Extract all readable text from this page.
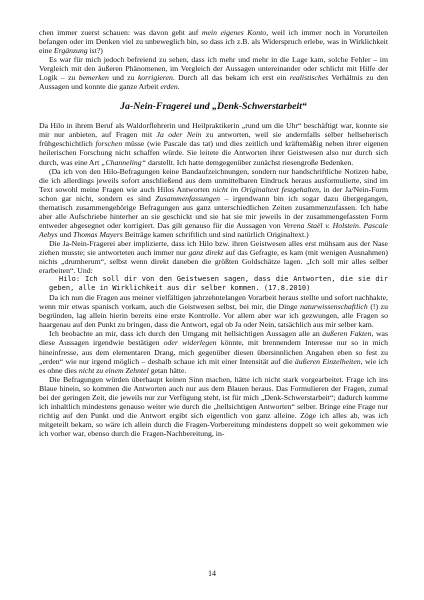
chen immer zuerst schauen: was davon geht auf mein eigenes Konto, weil ich immer noch in Vorurteilen befangen oder im Denken viel zu unbeweglich bin, so dass ich z.B. als Widerspruch erlebe, was in Wirklichkeit eine Ergänzung ist?)

Es war für mich jedoch befreiend zu sehen, dass ich mehr und mehr in die Lage kam, solche Fehler – im Vergleich mit den äußeren Phänomenen, im Vergleich der Aussagen untereinander oder schlicht mit Hilfe der Logik – zu bemerken und zu korrigieren. Durch all das bekam ich erst ein realistisches Verhältnis zu den Aussagen und konnte die ganze Arbeit erden.

Ja-Nein-Fragerei und „Denk-Schwerstarbeit“

Da Hilo in ihrem Beruf als Waldorflehrerin und Heilpraktikerin „rund um die Uhr“ beschäftigt war, konnte sie mir nur anbieten, auf Fragen mit Ja oder Nein zu antworten, weil sie andernfalls selber hellseherisch frühgeschichtlich forschen müsse (wie Pascale das tat) und dies zeitlich und kräftemäßig neben ihrer eigenen heilerischen Forschung nicht schaffen würde. Sie leitete die Antworten ihrer Geistwesen also nur durch sich durch, was eine Art „Channeling“ darstellt. Ich hatte demgegenüber zunächst riesengroße Bedenken.

(Da ich von den Hilo-Befragungen keine Bandaufzeichnungen, sondern nur handschriftliche Notizen habe, die ich allerdings jeweils sofort anschließend aus dem unmittelbaren Eindruck heraus ausformulierte, sind im Text sowohl meine Fragen wie auch Hilos Antworten nicht im Originaltext festgehalten, in der Ja/Nein-Form schon gar nicht, sondern es sind Zusammenfassungen – irgendwann bin ich sogar dazu übergegangen, thematisch zusammengehörige Befragungen aus ganz unterschiedlichen Zeiten zusammenzufassen. Ich habe aber alle Aufschriebe hinterher an sie geschickt und sie hat sie mir jeweils in der zusammengefassten Form entweder abgesegnet oder korrigiert. Das gilt genauso für die Aussagen von Verena Staël v. Holstein. Pascale Aebys und Thomas Mayers Beiträge kamen schriftlich und sind natürlich Originaltext.)

Die Ja-Nein-Fragerei aber implizierte, dass ich Hilo bzw. ihren Geistwesen alles erst mühsam aus der Nase ziehen musste; sie antworteten auch immer nur ganz direkt auf das Gefragte, es kam (mit wenigen Ausnahmen) nichts „drumherum“, selbst wenn direkt daneben die größten Goldschätze lagen. „Ich soll mir alles selber erarbeiten“. Und:

Hilo: Ich soll dir von den Geistwesen sagen, dass die Antworten, die sie dir geben, alle in Wirklichkeit aus dir selber kommen. (17.8.2010)

Da ich nun die Fragen aus meiner vielfältigen jahrzehntelangen Vorarbeit heraus stellte und sofort nachhakte, wenn mir etwas spanisch vorkam, auch die Geistwesen selbst, bei mir, die Dinge naturwissenschaftlich (!) zu begründen, lag allein hierin bereits eine erste Kontrolle. Vor allem aber war ich gezwungen, alle Fragen so haargenau auf den Punkt zu bringen, dass die Antwort, egal ob Ja oder Nein, tatsächlich aus mir selber kam.

Ich beobachte an mir, dass ich durch den Umgang mit hellsichtigen Aussagen alle an äußeren Fakten, was diese Aussagen irgendwie bestätigen oder widerlegen könnte, mit brennendem Interesse nur so in mich hineinfresse, aus dem elementaren Drang, mich gegenüber diesen übersinnlichen Angaben eben so fest zu „erden“ wie nur irgend möglich – deshalb schaue ich mit einer Intensität auf die äußeren Einzelheiten, wie ich es ohne dies nicht zu einem Zehntel getan hätte.

Die Befragungen würden überhaupt keinen Sinn machen, hätte ich nicht stark vorgearbeitet. Frage ich ins Blaue hinein, so kommen die Antworten auch nur aus dem Blauen heraus. Das Formulieren der Fragen, zumal bei der geringen Zeit, die jeweils nur zur Verfügung steht, ist für mich „Denk-Schwerstarbeit“; dadurch komme ich inhaltlich mindestens genauso weiter wie durch die „hellsichtigen Antworten“ selber. Bringe eine Frage nur richtig auf den Punkt und die Antwort ergibt sich eigentlich von ganz alleine. Zöge ich alles ab, was ich mitgeteilt bekam, so wäre ich allein durch die Fragen-Vorbereitung mindestens doppelt so weit gekommen wie ich vorher war, ebenso durch die Fragen-Nachbereitung, in-

14
